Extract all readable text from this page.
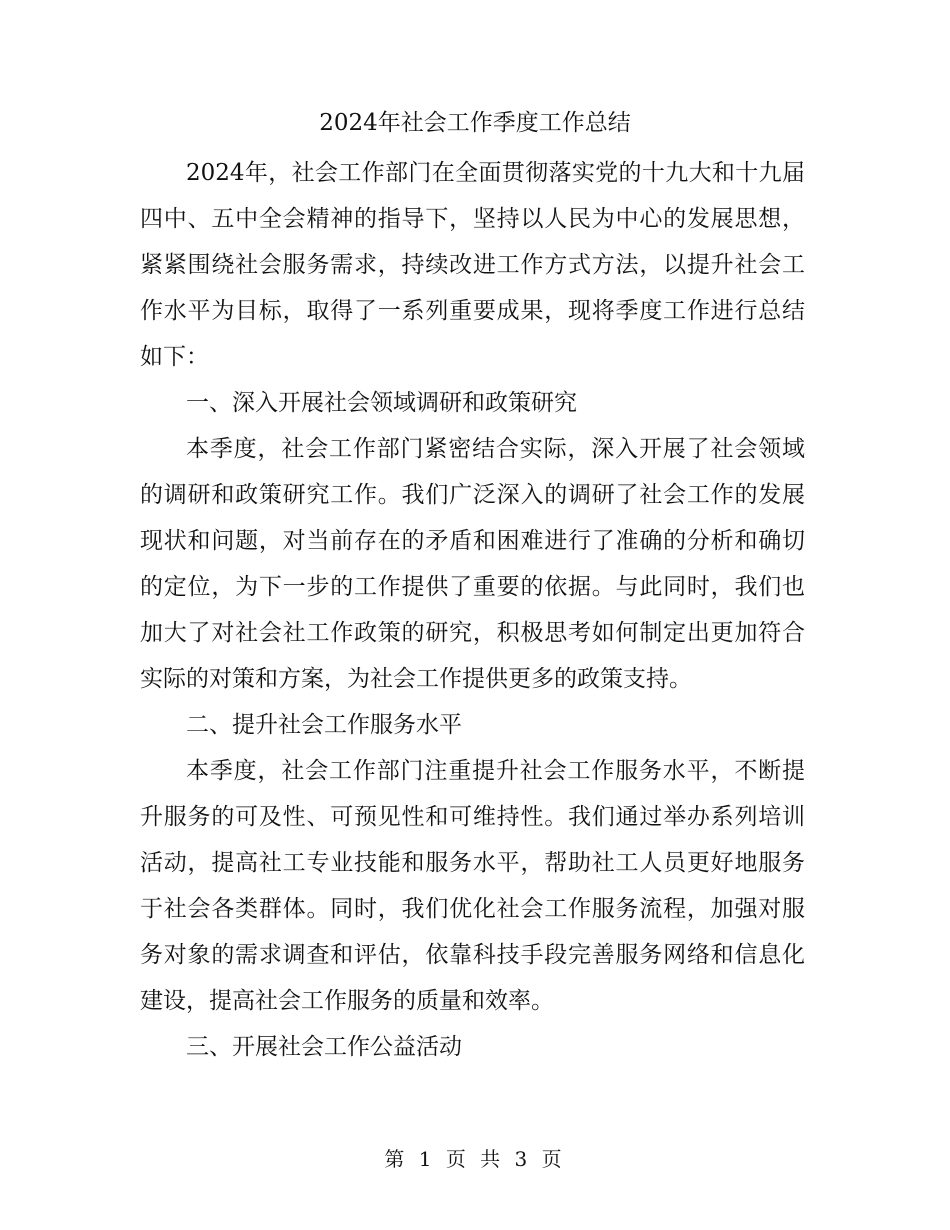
2024年社会工作季度工作总结

2024年，社会工作部门在全面贯彻落实党的十九大和十九届四中、五中全会精神的指导下，坚持以人民为中心的发展思想，紧紧围绕社会服务需求，持续改进工作方式方法，以提升社会工作水平为目标，取得了一系列重要成果，现将季度工作进行总结如下：

一、深入开展社会领域调研和政策研究

本季度，社会工作部门紧密结合实际，深入开展了社会领域的调研和政策研究工作。我们广泛深入的调研了社会工作的发展现状和问题，对当前存在的矛盾和困难进行了准确的分析和确切的定位，为下一步的工作提供了重要的依据。与此同时，我们也加大了对社会社工作政策的研究，积极思考如何制定出更加符合实际的对策和方案，为社会工作提供更多的政策支持。

二、提升社会工作服务水平

本季度，社会工作部门注重提升社会工作服务水平，不断提升服务的可及性、可预见性和可维持性。我们通过举办系列培训活动，提高社工专业技能和服务水平，帮助社工人员更好地服务于社会各类群体。同时，我们优化社会工作服务流程，加强对服务对象的需求调查和评估，依靠科技手段完善服务网络和信息化建设，提高社会工作服务的质量和效率。

三、开展社会工作公益活动

第 1 页 共 3 页
